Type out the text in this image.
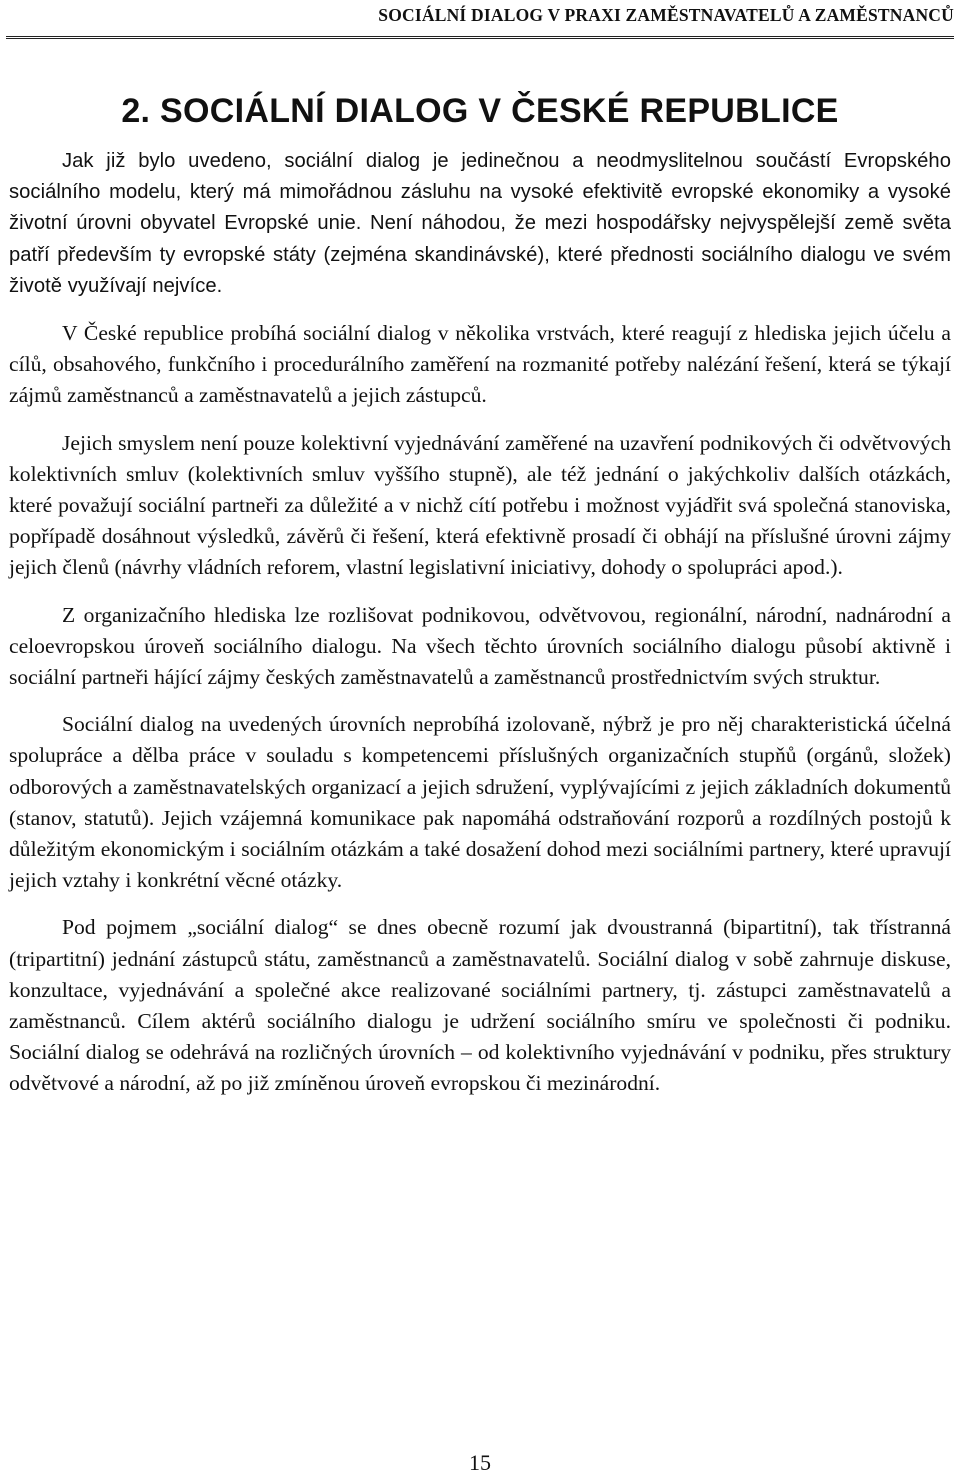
SOCIÁLNÍ DIALOG V PRAXI ZAMĚSTNAVATELŮ A ZAMĚSTNANCŮ
2. SOCIÁLNÍ DIALOG V ČESKÉ REPUBLICE

Jak již bylo uvedeno, sociální dialog je jedinečnou a neodmyslitelnou součástí Evropského sociálního modelu, který má mimořádnou zásluhu na vysoké efektivitě evropské ekonomiky a vysoké životní úrovni obyvatel Evropské unie. Není náhodou, že mezi hospodářsky nejvyspělejší země světa patří především ty evropské státy (zejména skandinávské), které přednosti sociálního dialogu ve svém životě využívají nejvíce.

V České republice probíhá sociální dialog v několika vrstvách, které reagují z hlediska jejich účelu a cílů, obsahového, funkčního i procedurálního zaměření na rozmanité potřeby nalézání řešení, která se týkají zájmů zaměstnanců a zaměstnavatelů a jejich zástupců.

Jejich smyslem není pouze kolektivní vyjednávání zaměřené na uzavření podnikových či odvětvových kolektivních smluv (kolektivních smluv vyššího stupně), ale též jednání o jakýchkoliv dalších otázkách, které považují sociální partneři za důležité a v nichž cítí potřebu i možnost vyjádřit svá společná stanoviska, popřípadě dosáhnout výsledků, závěrů či řešení, která efektivně prosadí či obhájí na příslušné úrovni zájmy jejich členů (návrhy vládních reforem, vlastní legislativní iniciativy, dohody o spolupráci apod.).

Z organizačního hlediska lze rozlišovat podnikovou, odvětvovou, regionální, národní, nadnárodní a celoevropskou úroveň sociálního dialogu. Na všech těchto úrovních sociálního dialogu působí aktivně i sociální partneři hájící zájmy českých zaměstnavatelů a zaměstnanců prostřednictvím svých struktur.

Sociální dialog na uvedených úrovních neprobíhá izolovaně, nýbrž je pro něj charakteristická účelná spolupráce a dělba práce v souladu s kompetencemi příslušných organizačních stupňů (orgánů, složek) odborových a zaměstnavatelských organizací a jejich sdružení, vyplývajícími z jejich základních dokumentů (stanov, statutů). Jejich vzájemná komunikace pak napomáhá odstraňování rozporů a rozdílných postojů k důležitým ekonomickým i sociálním otázkám a také dosažení dohod mezi sociálními partnery, které upravují jejich vztahy i konkrétní věcné otázky.

Pod pojmem „sociální dialog“ se dnes obecně rozumí jak dvoustranná (bipartitní), tak třístranná (tripartitní) jednání zástupců státu, zaměstnanců a zaměstnavatelů. Sociální dialog v sobě zahrnuje diskuse, konzultace, vyjednávání a společné akce realizované sociálními partnery, tj. zástupci zaměstnavatelů a zaměstnanců. Cílem aktérů sociálního dialogu je udržení sociálního smíru ve společnosti či podniku. Sociální dialog se odehrává na rozličných úrovních – od kolektivního vyjednávání v podniku, přes struktury odvětvové a národní, až po již zmíněnou úroveň evropskou či mezinárodní.

15
